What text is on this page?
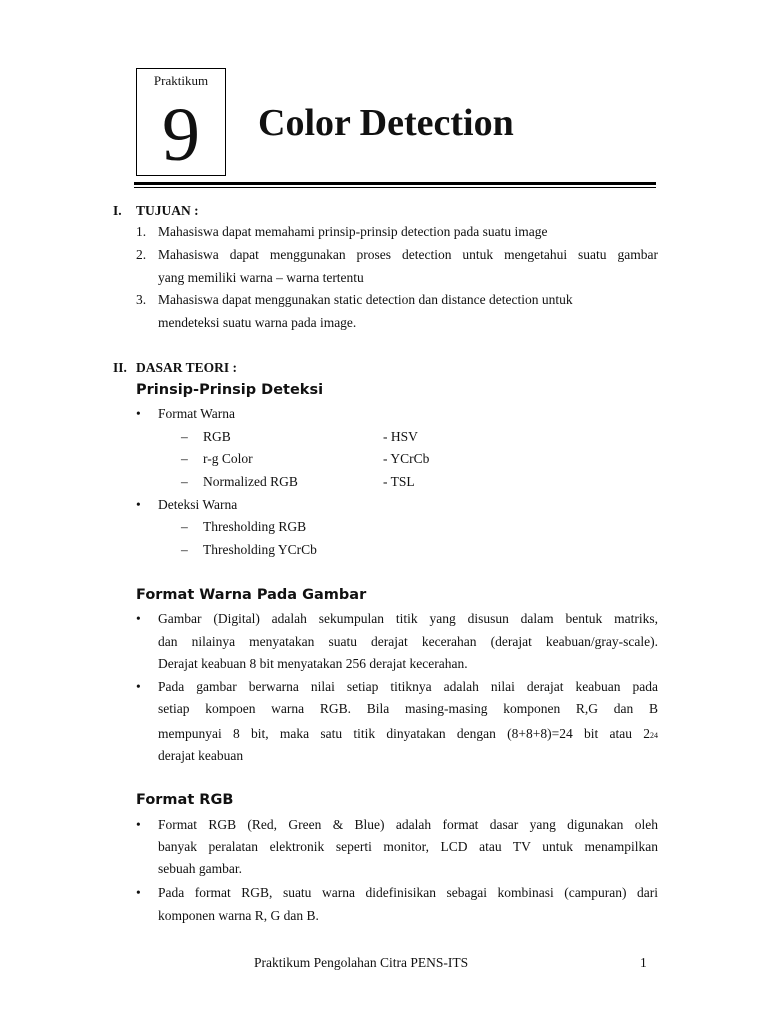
Praktikum
9	Color Detection
I. TUJUAN :
1. Mahasiswa dapat memahami prinsip-prinsip detection pada suatu image
2. Mahasiswa dapat menggunakan proses detection untuk mengetahui suatu gambar
yang memiliki warna – warna tertentu
3. Mahasiswa dapat menggunakan static detection dan distance detection untuk
mendeteksi suatu warna pada image.
II. DASAR TEORI :
Prinsip-Prinsip Deteksi
• Format Warna
– RGB	- HSV
– r-g Color	- YCrCb
– Normalized RGB	- TSL
• Deteksi Warna
– Thresholding RGB
– Thresholding YCrCb
Format Warna Pada Gambar
• Gambar (Digital) adalah sekumpulan titik yang disusun dalam bentuk matriks,
dan nilainya menyatakan suatu derajat kecerahan (derajat keabuan/gray-scale).
Derajat keabuan 8 bit menyatakan 256 derajat kecerahan.
• Pada gambar berwarna nilai setiap titiknya adalah nilai derajat keabuan pada
setiap kompoen warna RGB. Bila masing-masing komponen R,G dan B
mempunyai 8 bit, maka satu titik dinyatakan dengan (8+8+8)=24 bit atau 2 24
derajat keabuan
Format RGB
• Format RGB (Red, Green & Blue) adalah format dasar yang digunakan oleh
banyak peralatan elektronik seperti monitor, LCD atau TV untuk menampilkan
sebuah gambar.
• Pada format RGB, suatu warna didefinisikan sebagai kombinasi (campuran) dari
komponen warna R, G dan B.
Praktikum Pengolahan Citra PENS-ITS	1
